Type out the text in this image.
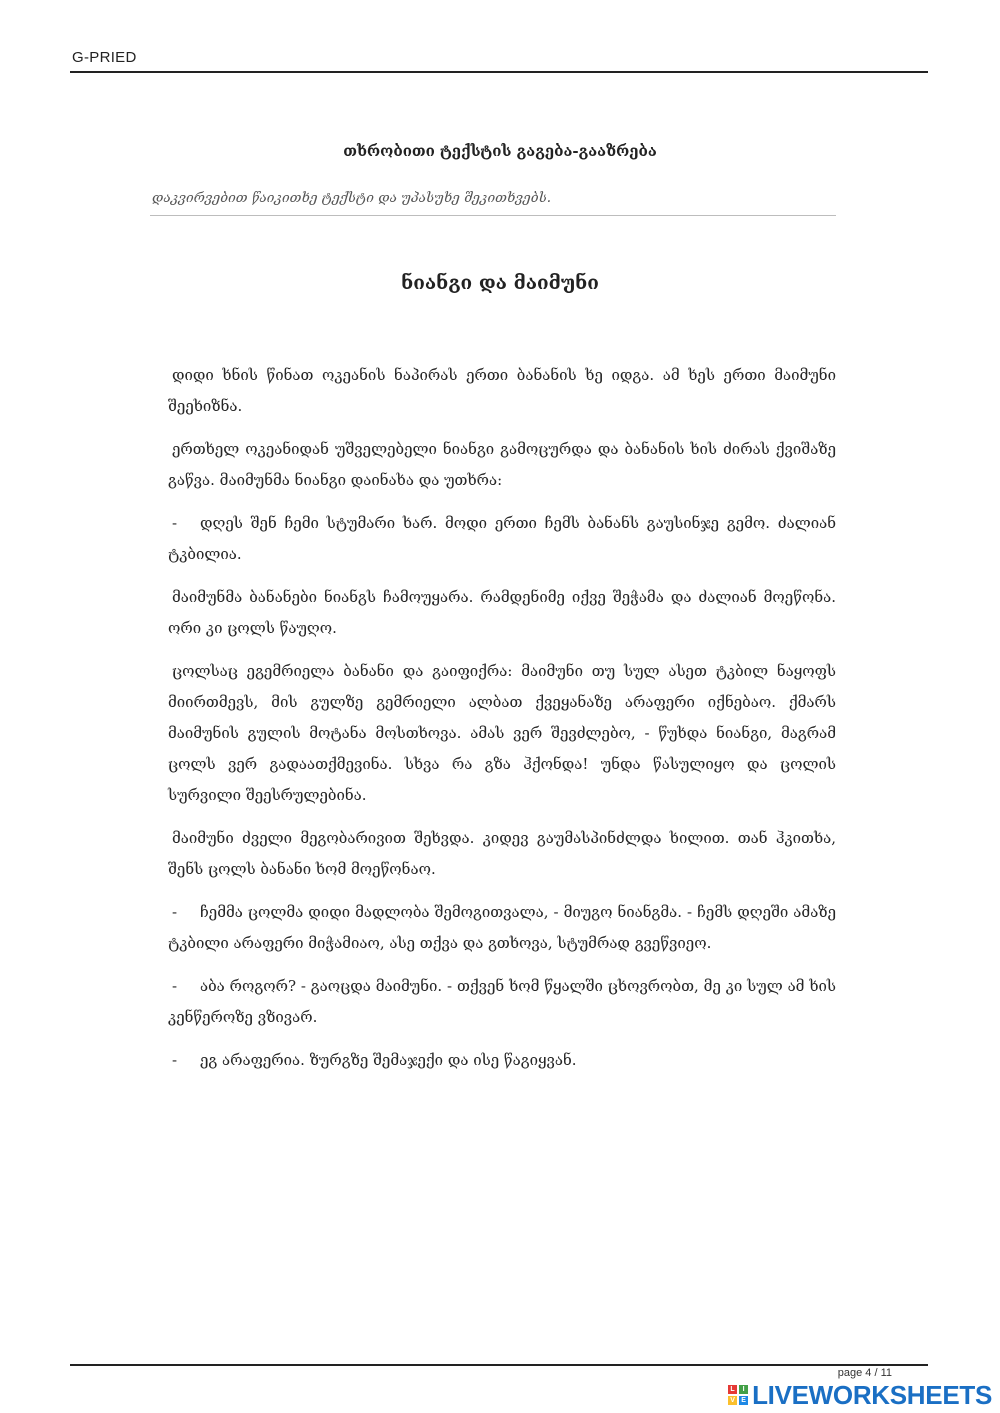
G-PRIED
თხრობითი ტექსტის გაგება-გააზრება
დაკვირვებით წაიკითხე ტექსტი და უპასუხე შეკითხვებს.
ნიანგი და მაიმუნი

დიდი ხნის წინათ ოკეანის ნაპირას ერთი ბანანის ხე იდგა. ამ ხეს ერთი მაიმუნი შეეხიზნა.

ერთხელ ოკეანიდან უშველებელი ნიანგი გამოცურდა და ბანანის ხის ძირას ქვიშაზე გაწვა. მაიმუნმა ნიანგი დაინახა და უთხრა:

- დღეს შენ ჩემი სტუმარი ხარ. მოდი ერთი ჩემს ბანანს გაუსინჯე გემო. ძალიან ტკბილია.

მაიმუნმა ბანანები ნიანგს ჩამოუყარა. რამდენიმე იქვე შეჭამა და ძალიან მოეწონა. ორი კი ცოლს წაუღო.

ცოლსაც ეგემრიელა ბანანი და გაიფიქრა: მაიმუნი თუ სულ ასეთ ტკბილ ნაყოფს მიირთმევს, მის გულზე გემრიელი ალბათ ქვეყანაზე არაფერი იქნებაო. ქმარს მაიმუნის გულის მოტანა მოსთხოვა. ამას ვერ შევძლებო, - წუხდა ნიანგი, მაგრამ ცოლს ვერ გადაათქმევინა. სხვა რა გზა ჰქონდა! უნდა წასულიყო და ცოლის სურვილი შეესრულებინა.

მაიმუნი ძველი მეგობარივით შეხვდა. კიდევ გაუმასპინძლდა ხილით. თან ჰკითხა, შენს ცოლს ბანანი ხომ მოეწონაო.

- ჩემმა ცოლმა დიდი მადლობა შემოგითვალა, - მიუგო ნიანგმა. - ჩემს დღეში ამაზე ტკბილი არაფერი მიჭამიაო, ასე თქვა და გთხოვა, სტუმრად გვეწვიეო.

- აბა როგორ? - გაოცდა მაიმუნი. - თქვენ ხომ წყალში ცხოვრობთ, მე კი სულ ამ ხის კენწეროზე ვზივარ.

- ეგ არაფერია. ზურგზე შემაჯექი და ისე წაგიყვან.

page 4 / 11
L	I
V E LIVEWORKSHEETS
